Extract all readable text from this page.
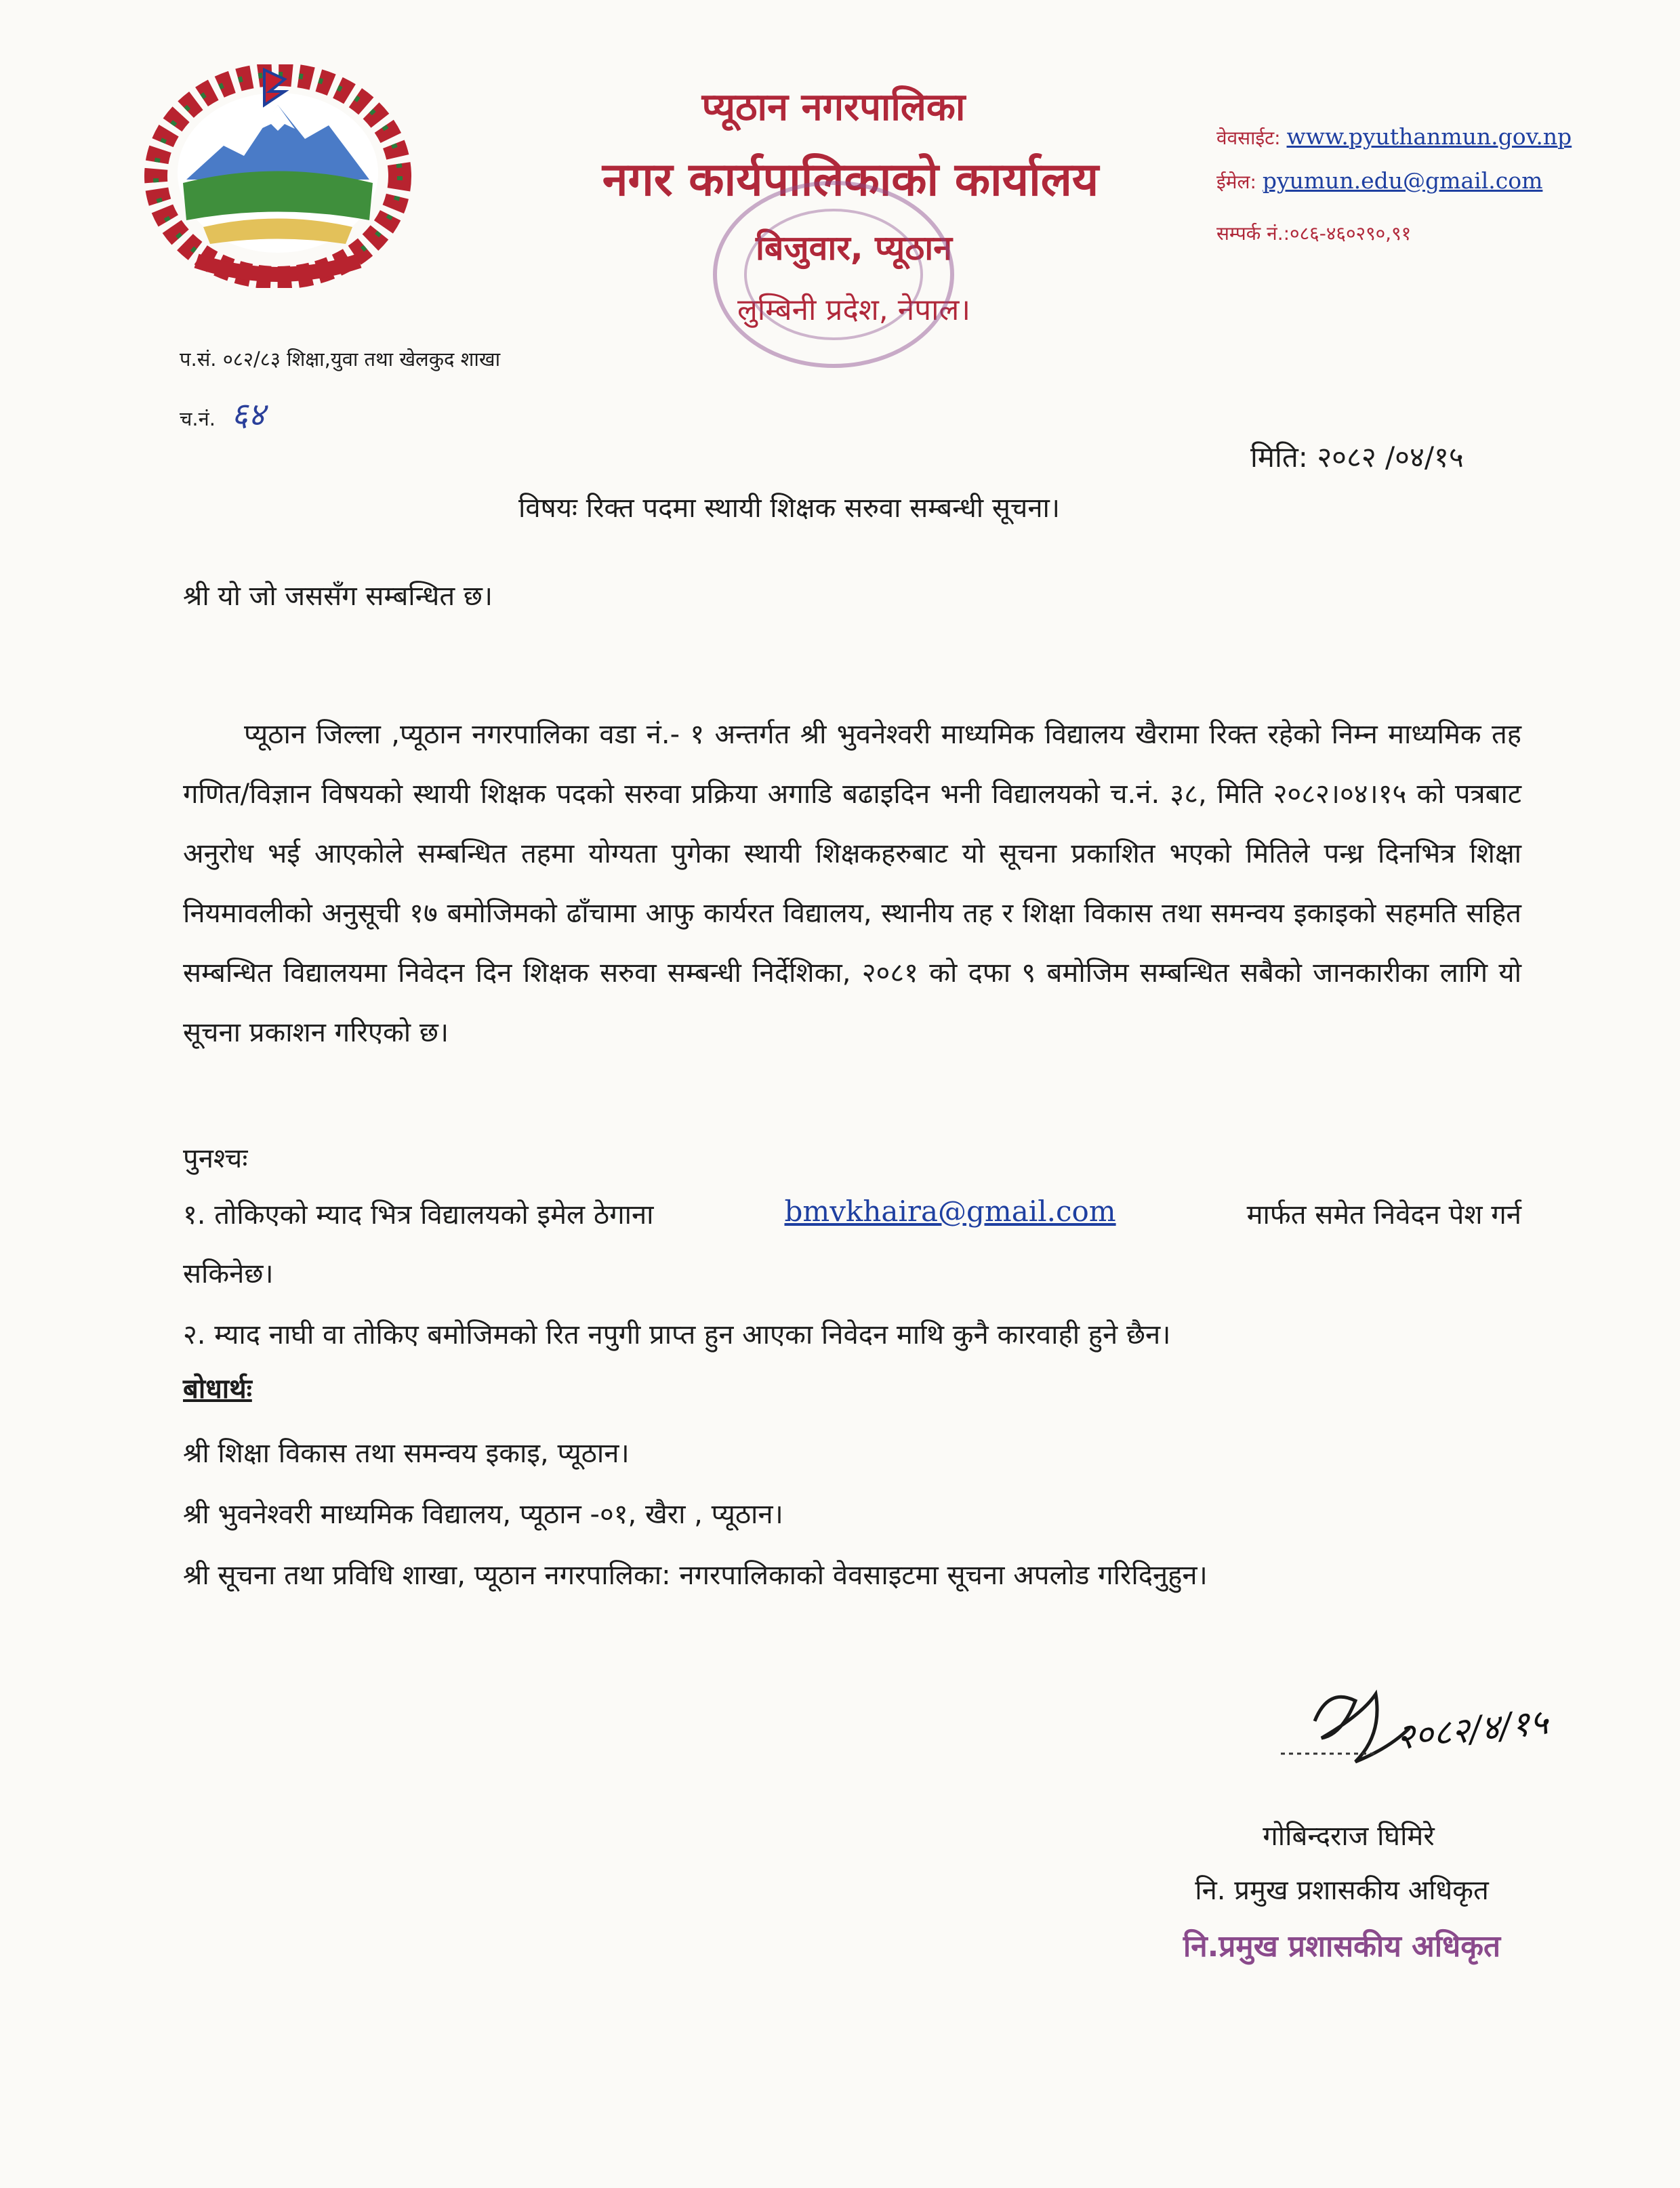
प्यूठान नगरपालिका
नगर कार्यपालिकाको कार्यालय
बिजुवार, प्यूठान
लुम्बिनी प्रदेश, नेपाल।
वेवसाईट: www.pyuthanmun.gov.np
ईमेल: pyumun.edu@gmail.com
सम्पर्क नं.:०८६-४६०२९०,९१
प.सं. ०८२/८३ शिक्षा,युवा तथा खेलकुद शाखा
च.नं. ६४
मिति: २०८२ /०४/१५
विषयः रिक्त पदमा स्थायी शिक्षक सरुवा सम्बन्धी सूचना।
श्री यो जो जससँग सम्बन्धित छ।
प्यूठान जिल्ला ,प्यूठान नगरपालिका वडा नं.- १ अन्तर्गत श्री भुवनेश्वरी माध्यमिक विद्यालय खैरामा रिक्त रहेको निम्न माध्यमिक तह गणित/विज्ञान विषयको स्थायी शिक्षक पदको सरुवा प्रक्रिया अगाडि बढाइदिन भनी विद्यालयको च.नं. ३८, मिति २०८२।०४।१५ को पत्रबाट अनुरोध भई आएकोले सम्बन्धित तहमा योग्यता पुगेका स्थायी शिक्षकहरुबाट यो सूचना प्रकाशित भएको मितिले पन्ध्र दिनभित्र शिक्षा नियमावलीको अनुसूची १७ बमोजिमको ढाँचामा आफु कार्यरत विद्यालय, स्थानीय तह र शिक्षा विकास तथा समन्वय इकाइको सहमति सहित सम्बन्धित विद्यालयमा निवेदन दिन शिक्षक सरुवा सम्बन्धी निर्देशिका, २०८१ को दफा ९ बमोजिम सम्बन्धित सबैको जानकारीका लागि यो सूचना प्रकाशन गरिएको छ।
पुनश्चः
१. तोकिएको म्याद भित्र विद्यालयको इमेल ठेगाना	bmvkhaira@gmail.com	मार्फत समेत निवेदन पेश गर्न
सकिनेछ।
२. म्याद नाघी वा तोकिए बमोजिमको रित नपुगी प्राप्त हुन आएका निवेदन माथि कुनै कारवाही हुने छैन।
बोधार्थः
श्री शिक्षा विकास तथा समन्वय इकाइ, प्यूठान।
श्री भुवनेश्वरी माध्यमिक विद्यालय, प्यूठान -०१, खैरा , प्यूठान।
श्री सूचना तथा प्रविधि शाखा, प्यूठान नगरपालिका: नगरपालिकाको वेवसाइटमा सूचना अपलोड गरिदिनुहुन।
२०८२/४/१५
गोबिन्दराज घिमिरे
नि. प्रमुख प्रशासकीय अधिकृत
नि.प्रमुख प्रशासकीय अधिकृत
